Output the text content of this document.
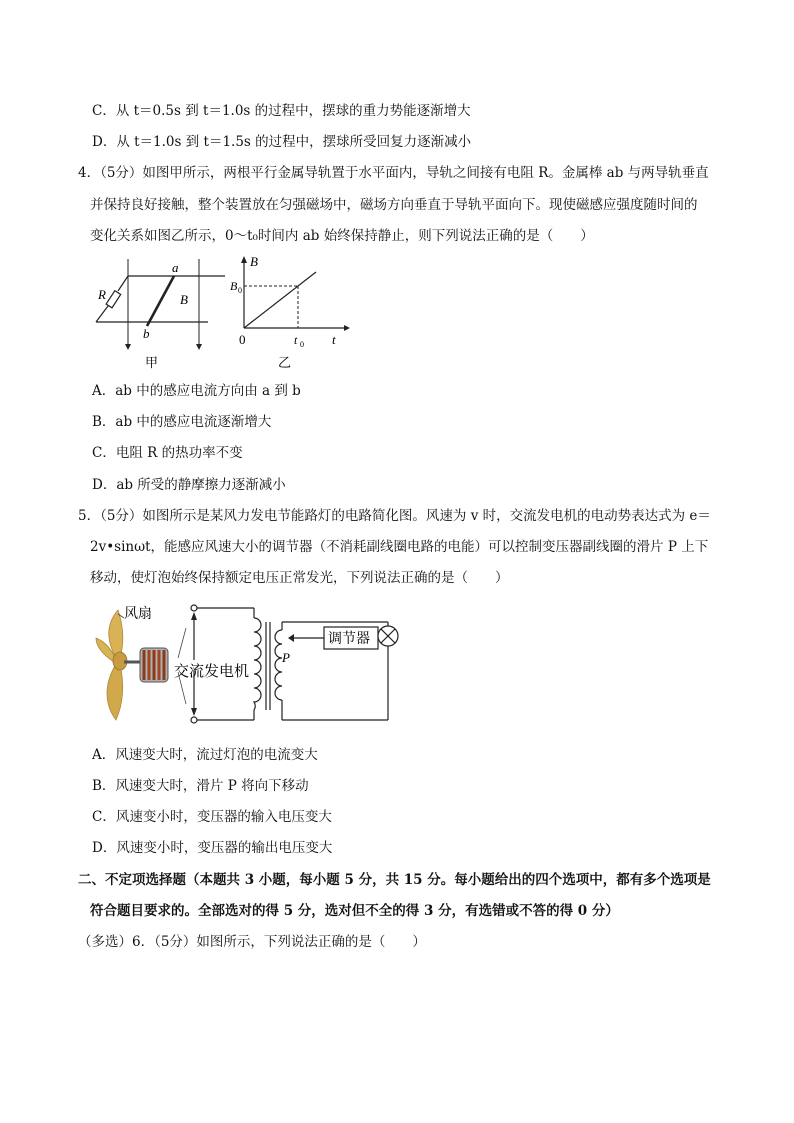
C．从 t＝0.5s 到 t＝1.0s 的过程中，摆球的重力势能逐渐增大
D．从 t＝1.0s 到 t＝1.5s 的过程中，摆球所受回复力逐渐减小
4．（5分）如图甲所示，两根平行金属导轨置于水平面内，导轨之间接有电阻 R。金属棒 ab 与两导轨垂直
并保持良好接触，整个装置放在匀强磁场中，磁场方向垂直于导轨平面向下。现使磁感应强度随时间的
变化关系如图乙所示，0～t₀时间内 ab 始终保持静止，则下列说法正确的是（　　）
R
a
b
B
甲
B
B 0
0	t 0 t
乙
A．ab 中的感应电流方向由 a 到 b
B．ab 中的感应电流逐渐增大
C．电阻 R 的热功率不变
D．ab 所受的静摩擦力逐渐减小
5．（5分）如图所示是某风力发电节能路灯的电路简化图。风速为 v 时，交流发电机的电动势表达式为 e＝
2v•sinωt，能感应风速大小的调节器（不消耗副线圈电路的电能）可以控制变压器副线圈的滑片 P 上下
移动，使灯泡始终保持额定电压正常发光，下列说法正确的是（　　）
风扇
P
调节器
交流发电机
A．风速变大时，流过灯泡的电流变大
B．风速变大时，滑片 P 将向下移动
C．风速变小时，变压器的输入电压变大
D．风速变小时，变压器的输出电压变大
二、不定项选择题（本题共 3 小题，每小题 5 分，共 15 分。每小题给出的四个选项中，都有多个选项是
符合题目要求的。全部选对的得 5 分，选对但不全的得 3 分，有选错或不答的得 0 分）
（多选）6．（5分）如图所示，下列说法正确的是（　　）
